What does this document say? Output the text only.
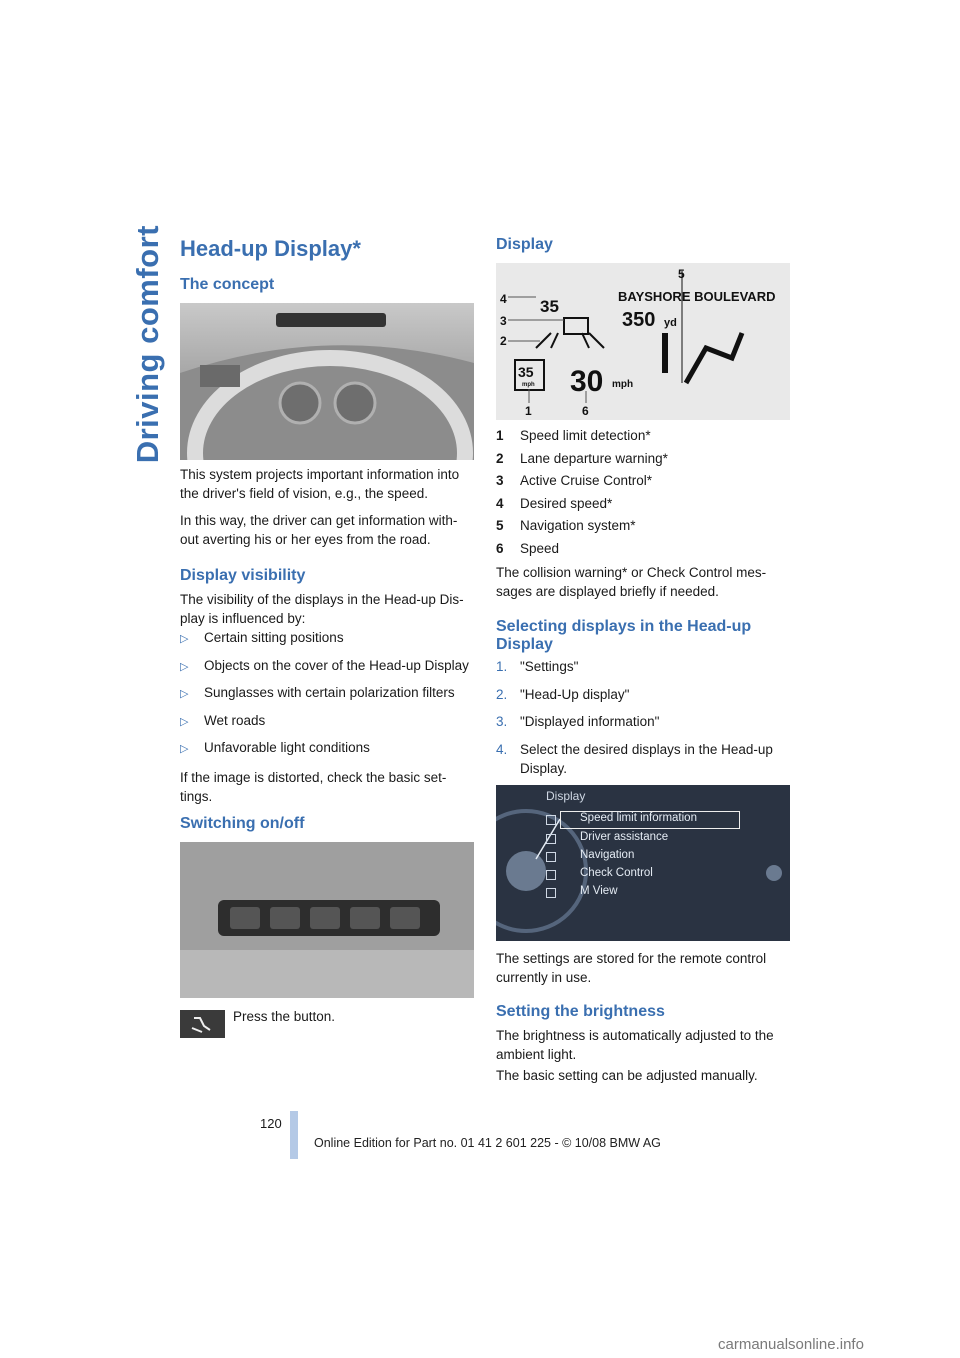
Driving comfort Head-up Display*
The concept

This system projects important information into the driver's field of vision, e.g., the speed.

In this way, the driver can get information with-out averting his or her eyes from the road.

Display visibility

The visibility of the displays in the Head-up Dis-play is influenced by:

▷	Certain sitting positions
▷	Objects on the cover of the Head-up Display
▷	Sunglasses with certain polarization filters
▷	Wet roads
▷	Unfavorable light conditions

If the image is distorted, check the basic set-tings.

Switching on/off

Press the button.

Display
BAYSHORE BOULEVARD
350 yd
35
35
mph 30 mph
1
2
3
4
5
6
1	Speed limit detection*
2	Lane departure warning*
3	Active Cruise Control*
4	Desired speed*
5	Navigation system*
6	Speed

The collision warning* or Check Control mes-sages are displayed briefly if needed.

Selecting displays in the Head-up Display
1. "Settings"
2. "Head-Up display"
3. "Displayed information"
4. Select the desired displays in the Head-up Display.
Display
Speed limit information
Driver assistance
Navigation
Check Control
M View

The settings are stored for the remote control currently in use.

Setting the brightness

The brightness is automatically adjusted to the ambient light.

The basic setting can be adjusted manually.

120
Online Edition for Part no. 01 41 2 601 225 - © 10/08 BMW AG
carmanualsonline.info
